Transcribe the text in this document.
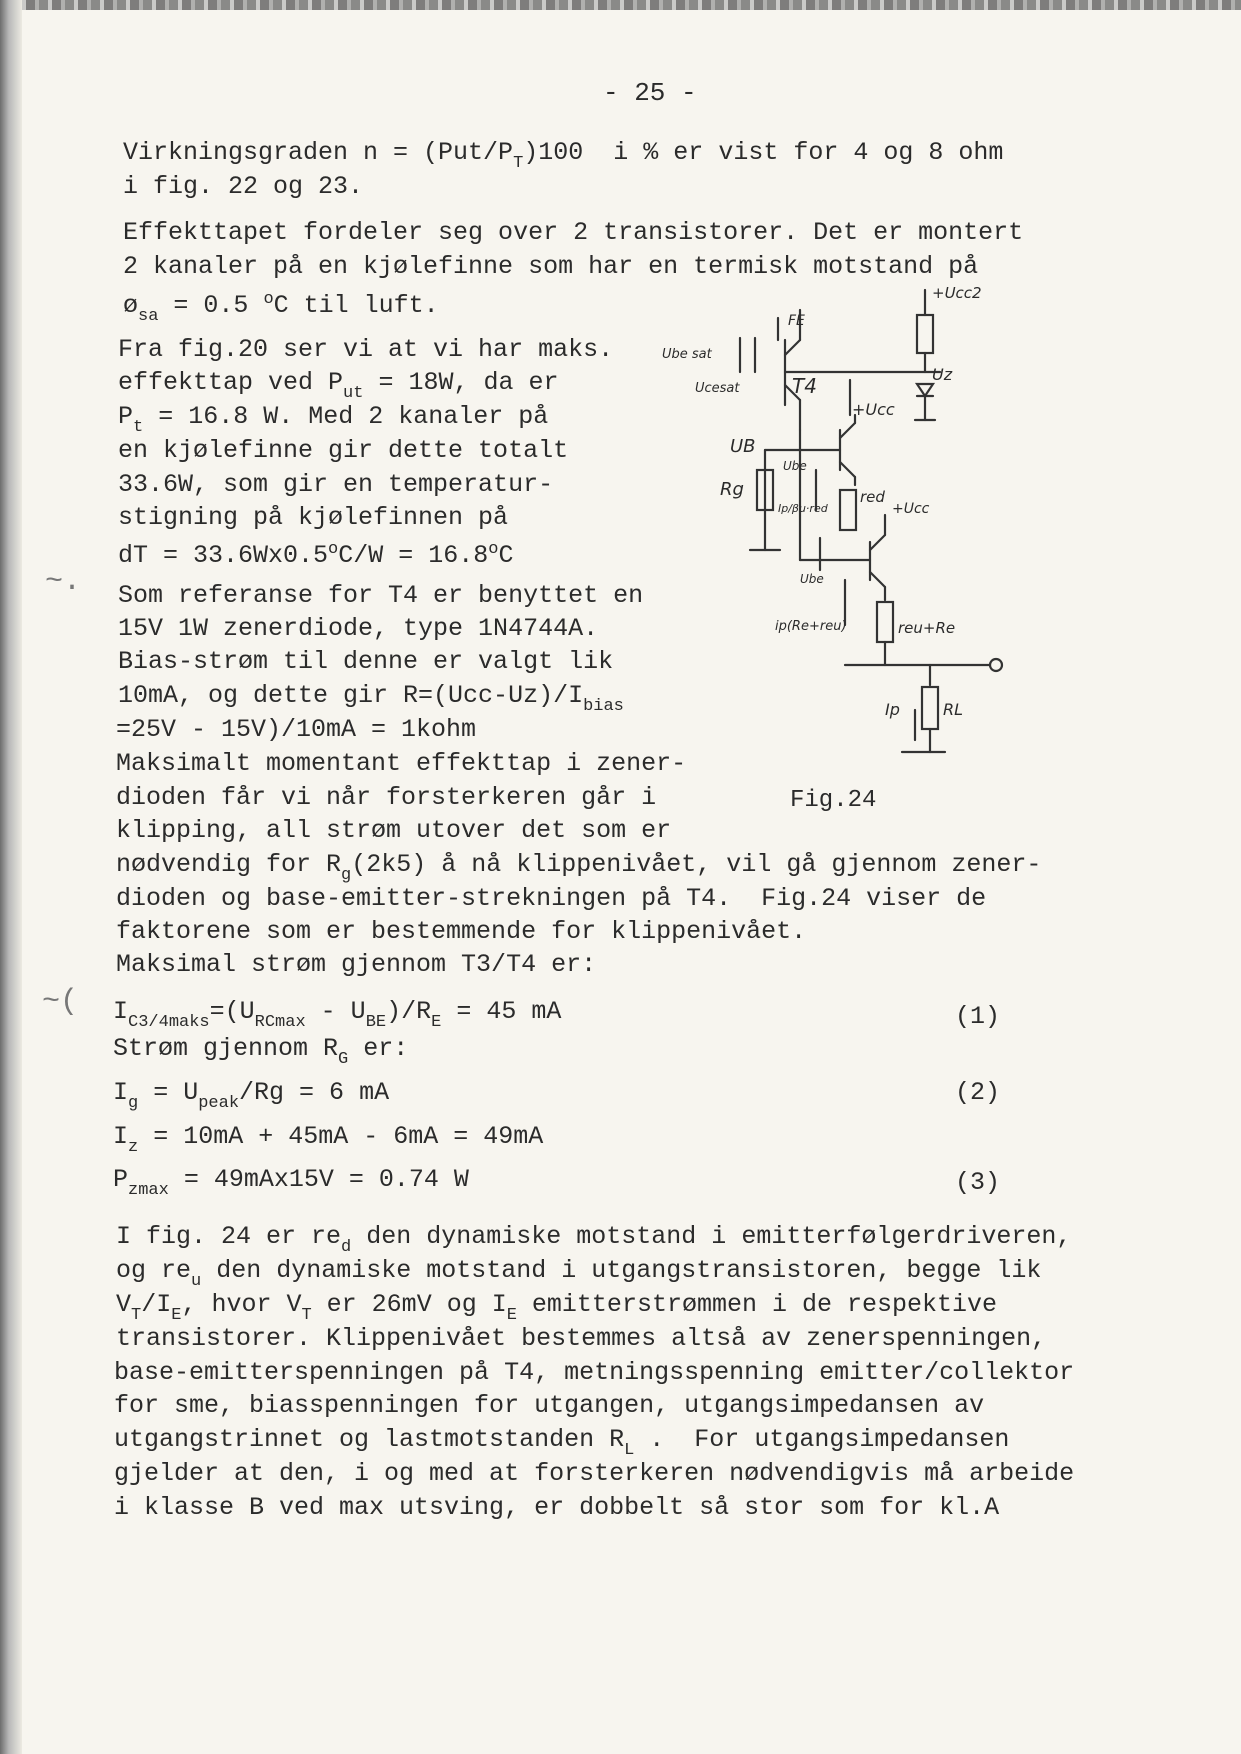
- 25 -
Virkningsgraden $n = (Put/P_T)100$  i % er vist for 4 og 8 ohm
i fig. 22 og 23.
Effekttapet fordeler seg over 2 transistorer. Det er montert
2 kanaler på en kjølefinne som har en termisk motstand på
$ø_{sa} = 0.5$ $^o$C til luft.
Fra fig.20 ser vi at vi har maks.
effekttap ved $P_{ut} = 18W$, da er
$P_t = 16.8$ W. Med 2 kanaler på
en kjølefinne gir dette totalt
33.6W, som gir en temperatur-
stigning på kjølefinnen på
dT = $33.6Wx0.5^oC/W = 16.8^oC$
Som referanse for T4 er benyttet en
15V 1W zenerdiode, type 1N4744A.
Bias-strøm til denne er valgt lik
10mA, og dette gir $R=(Ucc-Uz)/I_{bias}$
=25V - 15V)/10mA = 1kohm
Maksimalt momentant effekttap i zener-
dioden får vi når forsterkeren går i
klipping, all strøm utover det som er
nødvendig for $R_g(2k5)$ å nå klippenivået, vil gå gjennom zener-
dioden og base-emitter-strekningen på T4.  Fig.24 viser de
faktorene som er bestemmende for klippenivået.
Maksimal strøm gjennom T3/T4 er:
~( $I_{C3/4maks}=(U_{RCmax} - U_{BE})/R_E = 45$ mA	(1)
Strøm gjennom $R_G$ er:
$I_g = U_{peak}/Rg = 6$ mA	(2)
$I_z = 10mA + 45mA - 6mA = 49mA$
$P_{zmax} = 49mAx15V = 0.74$ W	(3)
I fig. 24 er $re_d$ den dynamiske motstand i emitterfølgerdriveren,
og $re_u$ den dynamiske motstand i utgangstransistoren, begge lik
$V_T/I_E$, hvor $V_T$ er 26mV og $I_E$ emitterstrømmen i de respektive
transistorer. Klippenivået bestemmes altså av zenerspenningen,
base-emitterspenningen på T4, metningsspenning emitter/collektor
for sme, biasspenningen for utgangen, utgangsimpedansen av
utgangstrinnet og lastmotstanden $R_L$ .  For utgangsimpedansen
gjelder at den, i og med at forsterkeren nødvendigvis må arbeide
i klasse B ved max utsving, er dobbelt så stor som for kl.A
+Ucc2
FE
Ube sat
Ucesat	T4	Uz
+Ucc
UB
Ube
Rg
Ip/βu·red
red
+Ucc
Ube
ip(Re+reu)	reu+Re
Ip	RL
Fig.24
~.
